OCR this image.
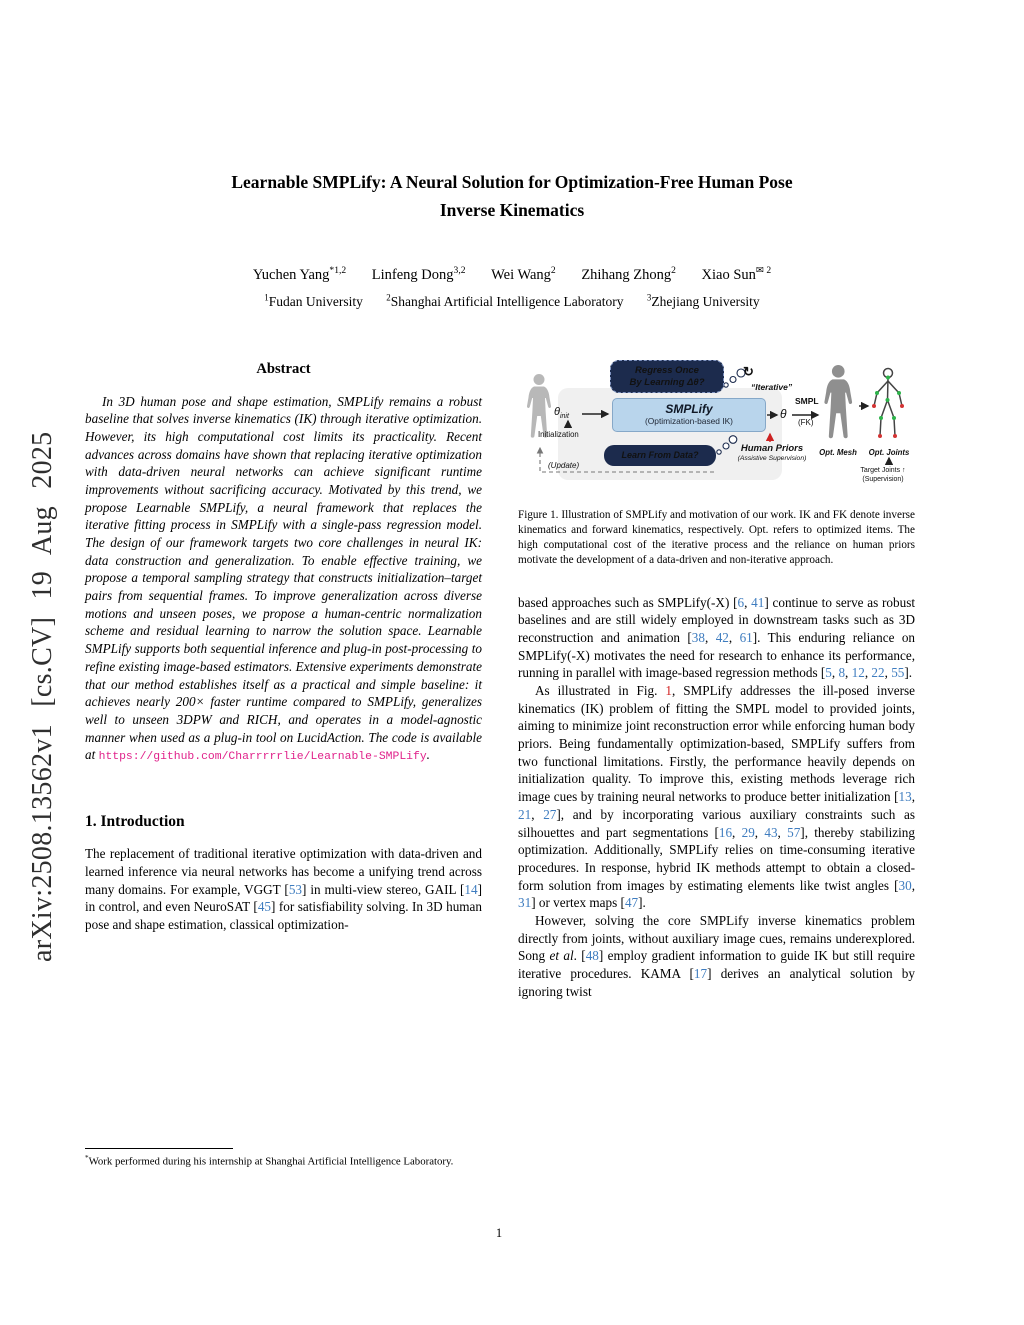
arXiv:2508.13562v1 [cs.CV] 19 Aug 2025
Learnable SMPLify: A Neural Solution for Optimization-Free Human Pose
Inverse Kinematics
Yuchen Yang$^{*1,2}$ Linfeng Dong$^{3,2}$ Wei Wang$^2$ Zhihang Zhong$^2$ Xiao Sun$^{✉ 2}$
$^1$Fudan University	$^2$Shanghai Artificial Intelligence Laboratory	$^3$Zhejiang University
Abstract

In 3D human pose and shape estimation, SMPLify remains a robust baseline that solves inverse kinematics (IK) through iterative optimization. However, its high computational cost limits its practicality. Recent advances across domains have shown that replacing iterative optimization with data-driven neural networks can achieve significant runtime improvements without sacrificing accuracy. Motivated by this trend, we propose Learnable SMPLify, a neural framework that replaces the iterative fitting process in SMPLify with a single-pass regression model. The design of our framework targets two core challenges in neural IK: data construction and generalization. To enable effective training, we propose a temporal sampling strategy that constructs initialization–target pairs from sequential frames. To improve generalization across diverse motions and unseen poses, we propose a human-centric normalization scheme and residual learning to narrow the solution space. Learnable SMPLify supports both sequential inference and plug-in post-processing to refine existing image-based estimators. Extensive experiments demonstrate that our method establishes itself as a practical and simple baseline: it achieves nearly 200× faster runtime compared to SMPLify, generalizes well to unseen 3DPW and RICH, and operates in a model-agnostic manner when used as a plug-in tool on LucidAction. The code is available at https://github.com/Charrrrrlie/Learnable-SMPLify.

1. Introduction

The replacement of traditional iterative optimization with data-driven and learned inference via neural networks has become a unifying trend across many domains. For example, VGGT [53] in multi-view stereo, GAIL [14] in control, and even NeuroSAT [45] for satisfiability solving. In 3D human pose and shape estimation, classical optimization-

$\theta_{init}$
Initialization
Regress Once
By Learning Δθ?
↻
“Iterative”
SMPLify
(Optimization-based IK)
Learn From Data?
Human Priors
(Assistive Supervision)
(Update)
θ
SMPL
(FK)
Opt. Mesh	Opt. Joints
Target Joints ↑
(Supervision)
Figure 1. Illustration of SMPLify and motivation of our work. IK and FK denote inverse kinematics and forward kinematics, respectively. Opt. refers to optimized items. The high computational cost of the iterative process and the reliance on human priors motivate the development of a data-driven and non-iterative approach.

based approaches such as SMPLify(-X) [6, 41] continue to serve as robust baselines and are still widely employed in downstream tasks such as 3D reconstruction and animation [38, 42, 61]. This enduring reliance on SMPLify(-X) motivates the need for research to enhance its performance, running in parallel with image-based regression methods [5, 8, 12, 22, 55].

As illustrated in Fig. 1, SMPLify addresses the ill-posed inverse kinematics (IK) problem of fitting the SMPL model to provided joints, aiming to minimize joint reconstruction error while enforcing human body priors. Being fundamentally optimization-based, SMPLify suffers from two functional limitations. Firstly, the performance heavily depends on initialization quality. To improve this, existing methods leverage rich image cues by training neural networks to produce better initialization [13, 21, 27], and by incorporating various auxiliary constraints such as silhouettes and part segmentations [16, 29, 43, 57], thereby stabilizing optimization. Additionally, SMPLify relies on time-consuming iterative procedures. In response, hybrid IK methods attempt to obtain a closed-form solution from images by estimating elements like twist angles [30, 31] or vertex maps [47].

However, solving the core SMPLify inverse kinematics problem directly from joints, without auxiliary image cues, remains underexplored. Song et al. [48] employ gradient information to guide IK but still require iterative procedures. KAMA [17] derives an analytical solution by ignoring twist

*Work performed during his internship at Shanghai Artificial Intelligence Laboratory.

1
